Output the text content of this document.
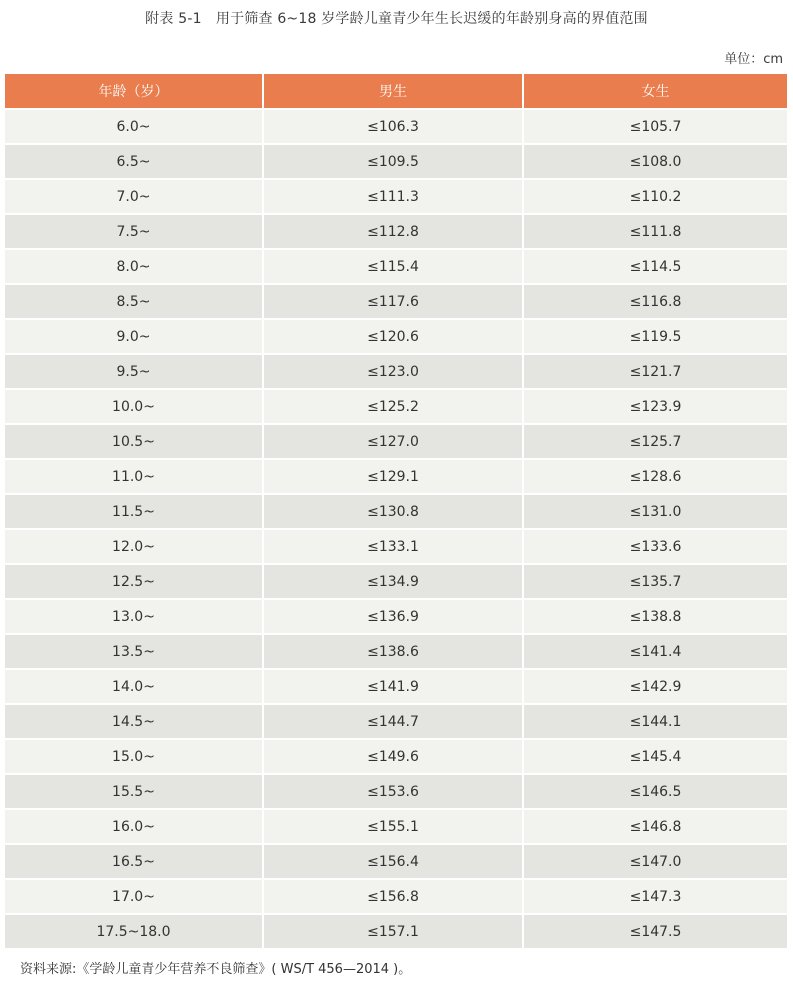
附表 5-1　用于筛查 6~18 岁学龄儿童青少年生长迟缓的年龄别身高的界值范围
单位：cm
年龄（岁）	男生	女生
6.0~	≤106.3	≤105.7
6.5~	≤109.5	≤108.0
7.0~	≤111.3	≤110.2
7.5~	≤112.8	≤111.8
8.0~	≤115.4	≤114.5
8.5~	≤117.6	≤116.8
9.0~	≤120.6	≤119.5
9.5~	≤123.0	≤121.7
10.0~	≤125.2	≤123.9
10.5~	≤127.0	≤125.7
11.0~	≤129.1	≤128.6
11.5~	≤130.8	≤131.0
12.0~	≤133.1	≤133.6
12.5~	≤134.9	≤135.7
13.0~	≤136.9	≤138.8
13.5~	≤138.6	≤141.4
14.0~	≤141.9	≤142.9
14.5~	≤144.7	≤144.1
15.0~	≤149.6	≤145.4
15.5~	≤153.6	≤146.5
16.0~	≤155.1	≤146.8
16.5~	≤156.4	≤147.0
17.0~	≤156.8	≤147.3
17.5~18.0	≤157.1	≤147.5
资料来源:《学龄儿童青少年营养不良筛查》( WS/T 456—2014 )。
